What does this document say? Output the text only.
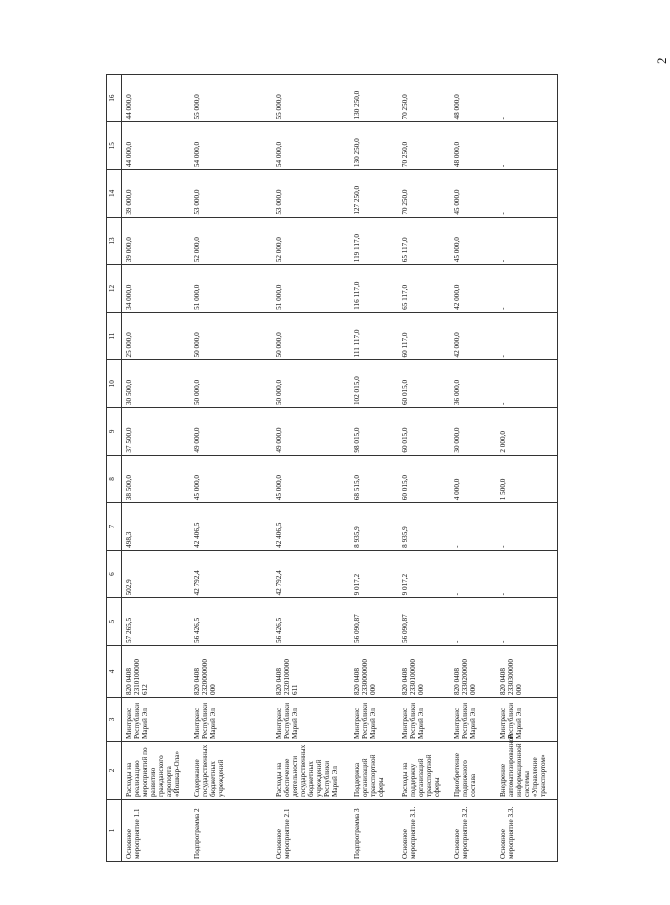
2
1	2	3	4	5	6	7	8	9	10	11	12	13	14	15	16
Основное мероприятие 1.1	Расходы на реализацию мероприятий по развитию гражданского аэропорта «Йошкар-Ола»	Минтранс Республики Марий Эл	820 0408 2310100000 612	57 265,5	502,9	498,3	38 500,0	37 500,0	30 500,0	25 000,0	34 000,0	39 000,0	39 000,0	44 000,0	44 000,0
Подпрограмма 2	Содержание государственных бюджетных учреждений	Минтранс Республики Марий Эл	820 0408 2320000000 000	56 426,5	42 792,4	42 406,5	45 000,0	49 000,0	50 000,0	50 000,0	51 000,0	52 000,0	53 000,0	54 000,0	55 000,0
Основное мероприятие 2.1	Расходы на обеспечение деятельности государственных бюджетных учреждений Республики Марий Эл	Минтранс Республики Марий Эл	820 0408 2320100000 611	56 426,5	42 792,4	42 406,5	45 000,0	49 000,0	50 000,0	50 000,0	51 000,0	52 000,0	53 000,0	54 000,0	55 000,0
Подпрограмма 3	Поддержка организаций транспортной сферы	Минтранс Республики Марий Эл	820 0408 2330000000 000	56 090,87	9 017,2	8 935,9	68 515,0	98 015,0	102 015,0	111 117,0	116 117,0	119 117,0	127 250,0	130 250,0	130 250,0
Основное мероприятие 3.1.	Расходы на поддержку организаций транспортной сферы	Минтранс Республики Марий Эл	820 0408 2330100000 000	56 090,87	9 017,2	8 935,9	60 015,0	60 015,0	60 015,0	60 117,0	65 117,0	65 117,0	70 250,0	70 250,0	70 250,0
Основное мероприятие 3.2.	Приобретение подвижного состава	Минтранс Республики Марий Эл	820 0408 2330200000 000	-	-	-	4 000,0	30 000,0	36 000,0	42 000,0	42 000,0	45 000,0	45 000,0	48 000,0	48 000,0
Основное мероприятие 3.3.	Внедрение автоматизированной информационной системы «Управление транспортом»	Минтранс Республики Марий Эл	820 0408 2330300000 000	-	-	-	1 500,0	2 000,0	-	-	-	-	-	-	-
